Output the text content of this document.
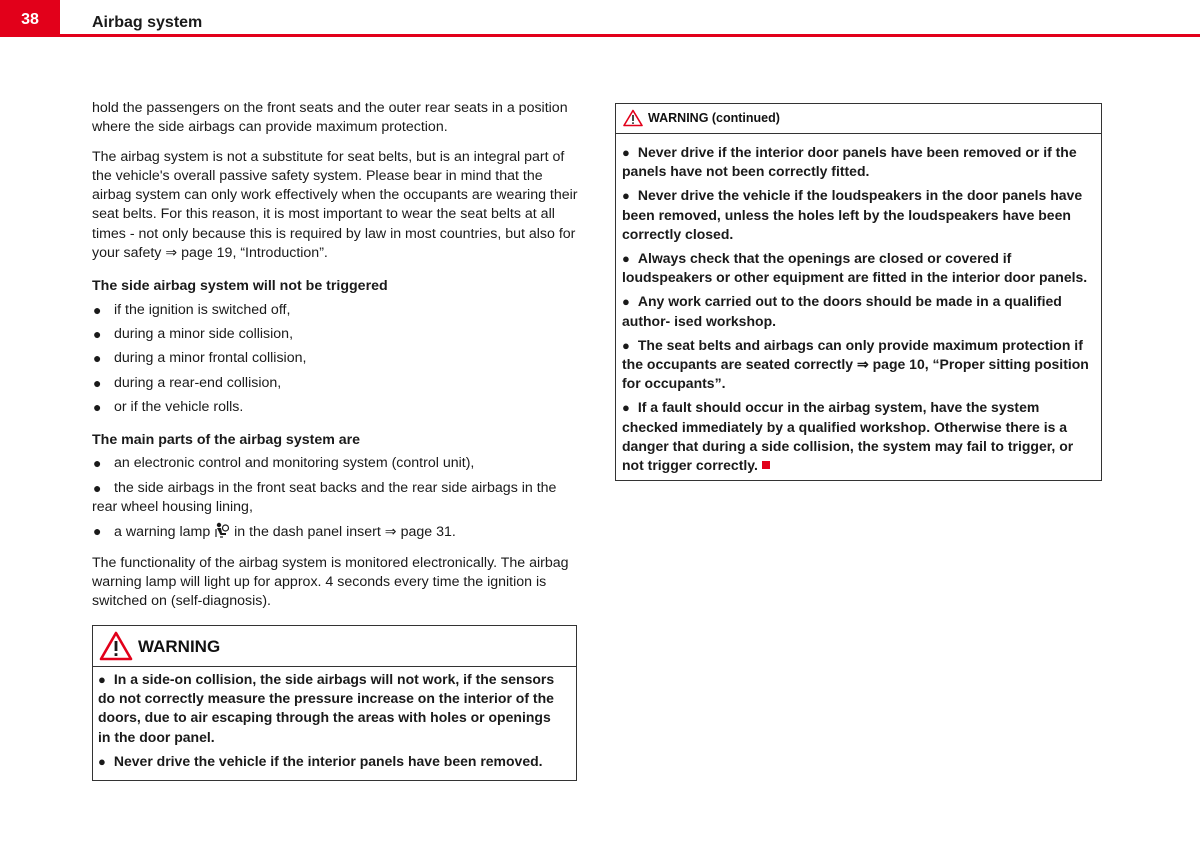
38	Airbag system

hold the passengers on the front seats and the outer rear seats in a position where the side airbags can provide maximum protection.

The airbag system is not a substitute for seat belts, but is an integral part of the vehicle's overall passive safety system. Please bear in mind that the airbag system can only work effectively when the occupants are wearing their seat belts. For this reason, it is most important to wear the seat belts at all times - not only because this is required by law in most countries, but also for your safety ⇒ page 19, “Introduction”.

The side airbag system will not be triggered
● if the ignition is switched off,
● during a minor side collision,
● during a minor frontal collision,
● during a rear-end collision,
● or if the vehicle rolls.
The main parts of the airbag system are
● an electronic control and monitoring system (control unit),
● the side airbags in the front seat backs and the rear side airbags in the rear wheel housing lining,
● a warning lamp in the dash panel insert ⇒ page 31.

The functionality of the airbag system is monitored electronically. The airbag warning lamp will light up for approx. 4 seconds every time the ignition is switched on (self-diagnosis).

WARNING

● In a side-on collision, the side airbags will not work, if the sensors do not correctly measure the pressure increase on the interior of the doors, due to air escaping through the areas with holes or openings in the door panel.

● Never drive the vehicle if the interior panels have been removed.

WARNING (continued)

● Never drive if the interior door panels have been removed or if the panels have not been correctly fitted.

● Never drive the vehicle if the loudspeakers in the door panels have been removed, unless the holes left by the loudspeakers have been correctly closed.

● Always check that the openings are closed or covered if loudspeakers or other equipment are fitted in the interior door panels.

● Any work carried out to the doors should be made in a qualified author- ised workshop.

● The seat belts and airbags can only provide maximum protection if the occupants are seated correctly ⇒ page 10, “Proper sitting position for occupants”.

● If a fault should occur in the airbag system, have the system checked immediately by a qualified workshop. Otherwise there is a danger that during a side collision, the system may fail to trigger, or not trigger correctly.
